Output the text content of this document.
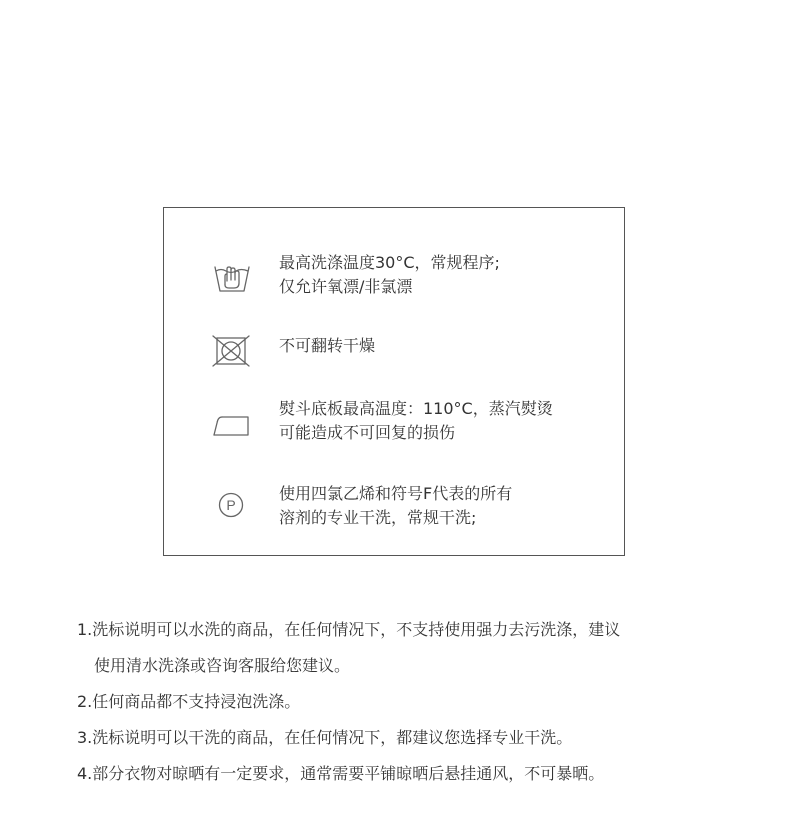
最高洗涤温度30°C，常规程序;
仅允许氧漂/非氯漂
不可翻转干燥
熨斗底板最高温度：110°C，蒸汽熨烫
可能造成不可回复的损伤
P
使用四氯乙烯和符号F代表的所有
溶剂的专业干洗，常规干洗;
1.洗标说明可以水洗的商品，在任何情况下，不支持使用强力去污洗涤，建议
使用清水洗涤或咨询客服给您建议。
2.任何商品都不支持浸泡洗涤。
3.洗标说明可以干洗的商品，在任何情况下，都建议您选择专业干洗。
4.部分衣物对晾晒有一定要求，通常需要平铺晾晒后悬挂通风，不可暴晒。
